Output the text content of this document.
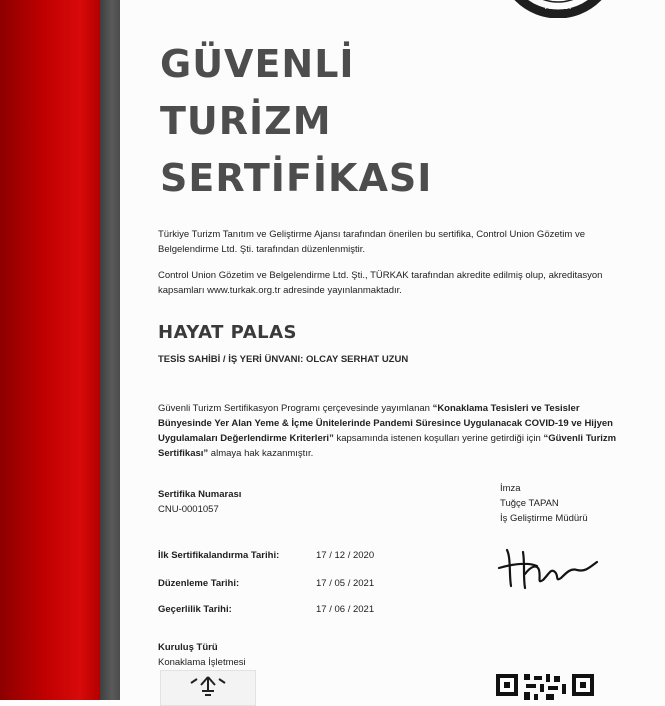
TURKEY
GÜVENLİ
TURİZM
SERTİFİKASI

Türkiye Turizm Tanıtım ve Geliştirme Ajansı tarafından önerilen bu sertifika, Control Union Gözetim ve Belgelendirme Ltd. Şti. tarafından düzenlenmiştir.

Control Union Gözetim ve Belgelendirme Ltd. Şti., TÜRKAK tarafından akredite edilmiş olup, akreditasyon kapsamları www.turkak.org.tr adresinde yayınlanmaktadır.

HAYAT PALAS
TESİS SAHİBİ / İŞ YERİ ÜNVANI: OLCAY SERHAT UZUN

Güvenli Turizm Sertifikasyon Programı çerçevesinde yayımlanan “Konaklama Tesisleri ve Tesisler Bünyesinde Yer Alan Yeme & İçme Ünitelerinde Pandemi Süresince Uygulanacak COVID-19 ve Hijyen Uygulamaları Değerlendirme Kriterleri” kapsamında istenen koşulları yerine getirdiği için “Güvenli Turizm Sertifikası” almaya hak kazanmıştır.

Sertifika Numarası
CNU-0001057
İmza
Tuğçe TAPAN
İş Geliştirme Müdürü
İlk Sertifikalandırma Tarihi:	17 / 12 / 2020
Düzenleme Tarihi:	17 / 05 / 2021
Geçerlilik Tarihi:	17 / 06 / 2021
Kuruluş Türü
Konaklama İşletmesi
